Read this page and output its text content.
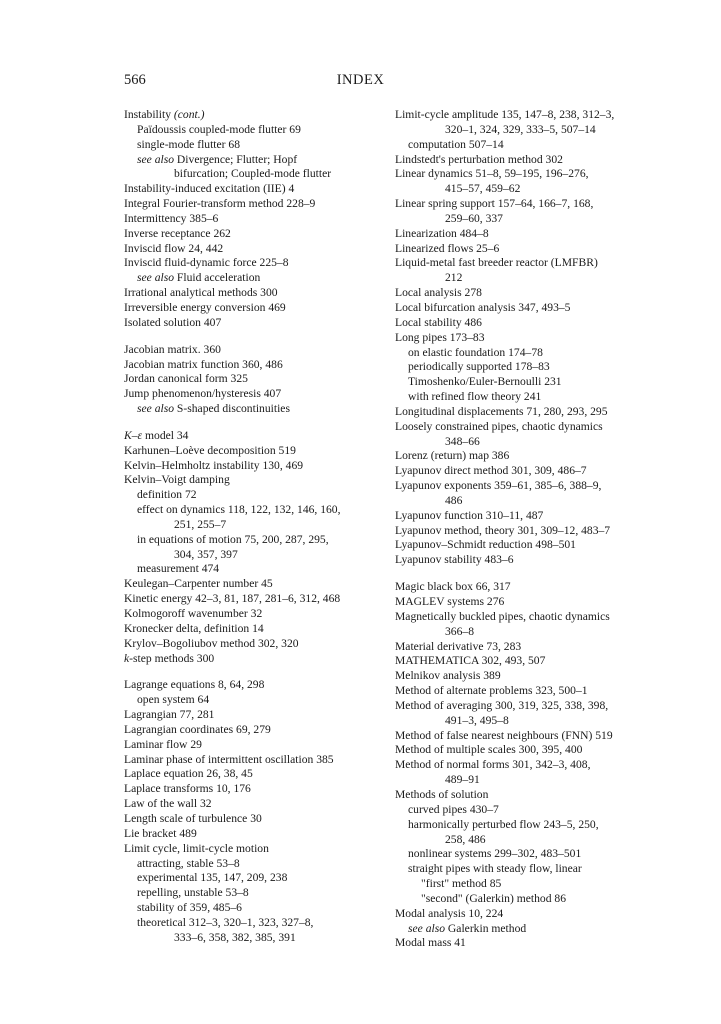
566	INDEX
Instability (cont.)
Païdoussis coupled-mode flutter 69
single-mode flutter 68
see also Divergence; Flutter; Hopf
bifurcation; Coupled-mode flutter
Instability-induced excitation (IIE) 4
Integral Fourier-transform method 228–9
Intermittency 385–6
Inverse receptance 262
Inviscid flow 24, 442
Inviscid fluid-dynamic force 225–8
see also Fluid acceleration
Irrational analytical methods 300
Irreversible energy conversion 469
Isolated solution 407
Jacobian matrix. 360
Jacobian matrix function 360, 486
Jordan canonical form 325
Jump phenomenon/hysteresis 407
see also S-shaped discontinuities
K–ε model 34
Karhunen–Loève decomposition 519
Kelvin–Helmholtz instability 130, 469
Kelvin–Voigt damping
definition 72
effect on dynamics 118, 122, 132, 146, 160,
251, 255–7
in equations of motion 75, 200, 287, 295,
304, 357, 397
measurement 474
Keulegan–Carpenter number 45
Kinetic energy 42–3, 81, 187, 281–6, 312, 468
Kolmogoroff wavenumber 32
Kronecker delta, definition 14
Krylov–Bogoliubov method 302, 320
k-step methods 300
Lagrange equations 8, 64, 298
open system 64
Lagrangian 77, 281
Lagrangian coordinates 69, 279
Laminar flow 29
Laminar phase of intermittent oscillation 385
Laplace equation 26, 38, 45
Laplace transforms 10, 176
Law of the wall 32
Length scale of turbulence 30
Lie bracket 489
Limit cycle, limit-cycle motion
attracting, stable 53–8
experimental 135, 147, 209, 238
repelling, unstable 53–8
stability of 359, 485–6
theoretical 312–3, 320–1, 323, 327–8,
333–6, 358, 382, 385, 391
Limit-cycle amplitude 135, 147–8, 238, 312–3,
320–1, 324, 329, 333–5, 507–14
computation 507–14
Lindstedt's perturbation method 302
Linear dynamics 51–8, 59–195, 196–276,
415–57, 459–62
Linear spring support 157–64, 166–7, 168,
259–60, 337
Linearization 484–8
Linearized flows 25–6
Liquid-metal fast breeder reactor (LMFBR)
212
Local analysis 278
Local bifurcation analysis 347, 493–5
Local stability 486
Long pipes 173–83
on elastic foundation 174–78
periodically supported 178–83
Timoshenko/Euler-Bernoulli 231
with refined flow theory 241
Longitudinal displacements 71, 280, 293, 295
Loosely constrained pipes, chaotic dynamics
348–66
Lorenz (return) map 386
Lyapunov direct method 301, 309, 486–7
Lyapunov exponents 359–61, 385–6, 388–9,
486
Lyapunov function 310–11, 487
Lyapunov method, theory 301, 309–12, 483–7
Lyapunov–Schmidt reduction 498–501
Lyapunov stability 483–6
Magic black box 66, 317
MAGLEV systems 276
Magnetically buckled pipes, chaotic dynamics
366–8
Material derivative 73, 283
MATHEMATICA 302, 493, 507
Melnikov analysis 389
Method of alternate problems 323, 500–1
Method of averaging 300, 319, 325, 338, 398,
491–3, 495–8
Method of false nearest neighbours (FNN) 519
Method of multiple scales 300, 395, 400
Method of normal forms 301, 342–3, 408,
489–91
Methods of solution
curved pipes 430–7
harmonically perturbed flow 243–5, 250,
258, 486
nonlinear systems 299–302, 483–501
straight pipes with steady flow, linear
"first" method 85
"second" (Galerkin) method 86
Modal analysis 10, 224
see also Galerkin method
Modal mass 41
